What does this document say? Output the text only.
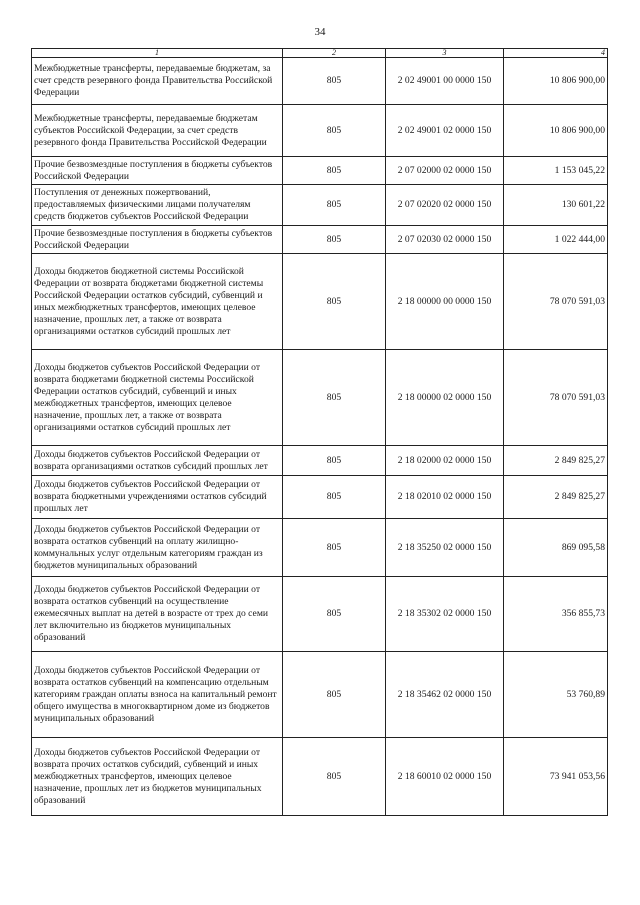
34
1	2	3	4
Межбюджетные трансферты, передаваемые бюджетам, за счет средств резервного фонда Правительства Российской Федерации	805	2 02 49001 00 0000 150	10 806 900,00
Межбюджетные трансферты, передаваемые бюджетам субъектов Российской Федерации, за счет средств резервного фонда Правительства Российской Федерации	805	2 02 49001 02 0000 150	10 806 900,00
Прочие безвозмездные поступления в бюджеты субъектов Российской Федерации	805	2 07 02000 02 0000 150	1 153 045,22
Поступления от денежных пожертвований, предоставляемых физическими лицами получателям средств бюджетов субъектов Российской Федерации	805	2 07 02020 02 0000 150	130 601,22
Прочие безвозмездные поступления в бюджеты субъектов Российской Федерации	805	2 07 02030 02 0000 150	1 022 444,00
Доходы бюджетов бюджетной системы Российской Федерации от возврата бюджетами бюджетной системы Российской Федерации остатков субсидий, субвенций и иных межбюджетных трансфертов, имеющих целевое назначение, прошлых лет, а также от возврата организациями остатков субсидий прошлых лет	805	2 18 00000 00 0000 150	78 070 591,03
Доходы бюджетов субъектов Российской Федерации от возврата бюджетами бюджетной системы Российской Федерации остатков субсидий, субвенций и иных межбюджетных трансфертов, имеющих целевое назначение, прошлых лет, а также от возврата организациями остатков субсидий прошлых лет	805	2 18 00000 02 0000 150	78 070 591,03
Доходы бюджетов субъектов Российской Федерации от возврата организациями остатков субсидий прошлых лет	805	2 18 02000 02 0000 150	2 849 825,27
Доходы бюджетов субъектов Российской Федерации от возврата бюджетными учреждениями остатков субсидий прошлых лет	805	2 18 02010 02 0000 150	2 849 825,27
Доходы бюджетов субъектов Российской Федерации от возврата остатков субвенций на оплату жилищно-коммунальных услуг отдельным категориям граждан из бюджетов муниципальных образований	805	2 18 35250 02 0000 150	869 095,58
Доходы бюджетов субъектов Российской Федерации от возврата остатков субвенций на осуществление ежемесячных выплат на детей в возрасте от трех до семи лет включительно из бюджетов муниципальных образований	805	2 18 35302 02 0000 150	356 855,73
Доходы бюджетов субъектов Российской Федерации от возврата остатков субвенций на компенсацию отдельным категориям граждан оплаты взноса на капитальный ремонт общего имущества в многоквартирном доме из бюджетов муниципальных образований	805	2 18 35462 02 0000 150	53 760,89
Доходы бюджетов субъектов Российской Федерации от возврата прочих остатков субсидий, субвенций и иных межбюджетных трансфертов, имеющих целевое назначение, прошлых лет из бюджетов муниципальных образований	805	2 18 60010 02 0000 150	73 941 053,56
